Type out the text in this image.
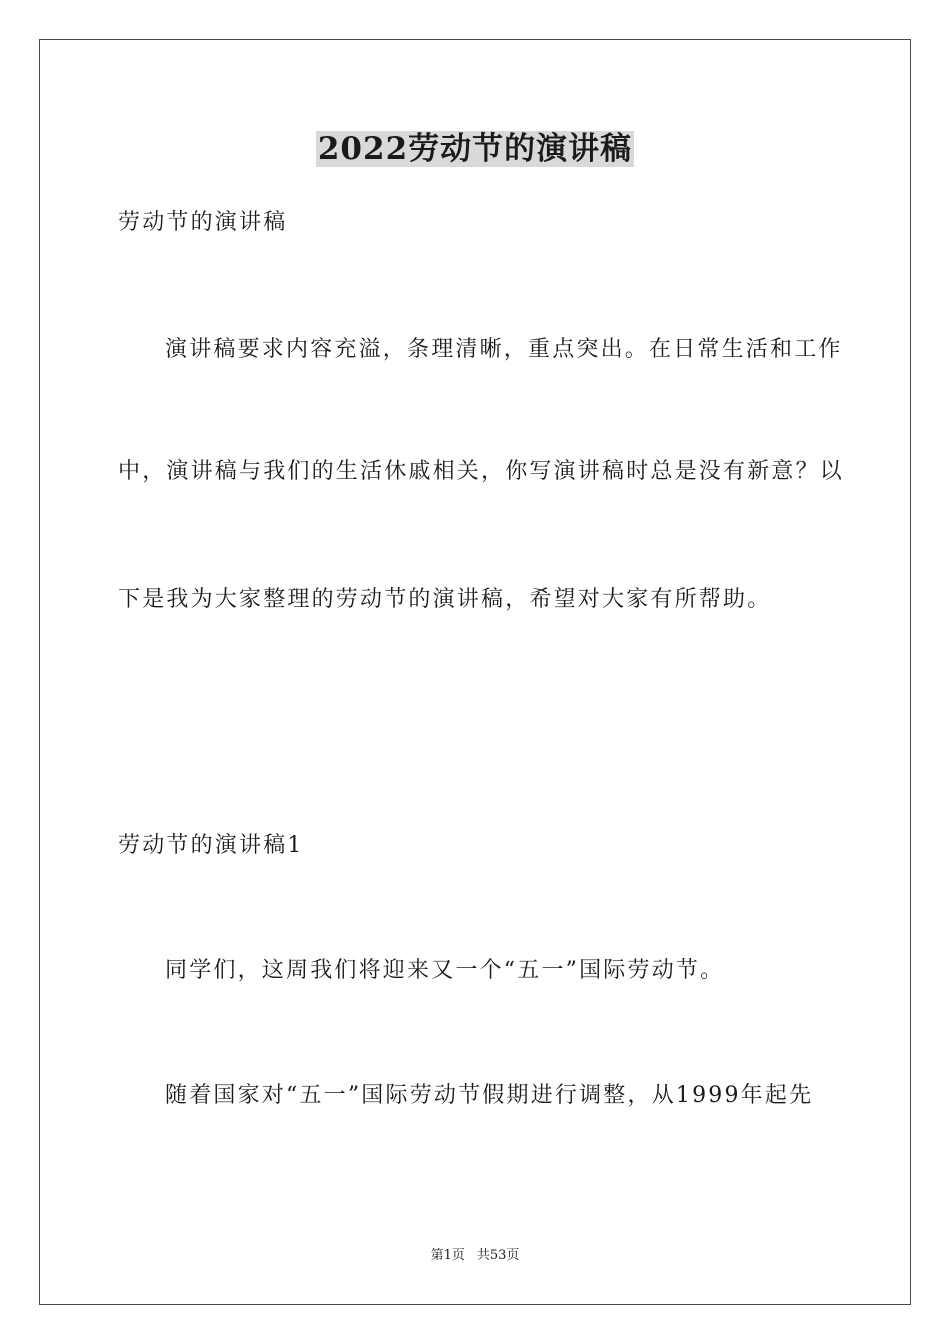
2022劳动节的演讲稿

劳动节的演讲稿

演讲稿要求内容充溢，条理清晰，重点突出。在日常生活和工作

中，演讲稿与我们的生活休戚相关，你写演讲稿时总是没有新意？以

下是我为大家整理的劳动节的演讲稿，希望对大家有所帮助。

劳动节的演讲稿1

同学们，这周我们将迎来又一个“五一”国际劳动节。

随着国家对“五一”国际劳动节假期进行调整，从1999年起先

第1页 共53页
